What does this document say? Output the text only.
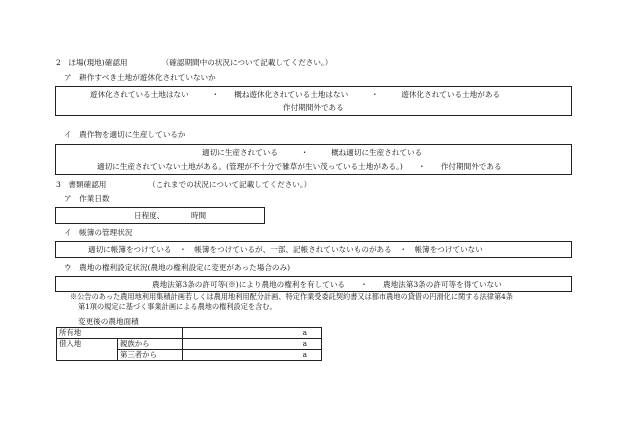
2　ほ場(現地)確認用　　　　　（確認期間中の状況について記載してください。）
ア　耕作すべき土地が遊休化されていないか
遊休化されている土地はない　　　・　　概ね遊休化されている土地はない　　　・　　　遊休化されている土地がある
作付期間外である
イ　農作物を適切に生産しているか
適切に生産されている　　　・　　　概ね適切に生産されている
適切に生産されていない土地がある。(管理が不十分で雑草が生い茂っている土地がある。)　　・　　作付期間外である
3　書類確認用　　　　　　（これまでの状況について記載してください。）
ア　作業日数
日程度、　　　　時間
イ　帳簿の管理状況
適切に帳簿をつけている　・　帳簿をつけているが、一部、記帳されていないものがある　・　帳簿をつけていない
ウ　農地の権利設定状況(農地の権利設定に変更があった場合のみ)
農地法第3条の許可等(※)により農地の権利を有している　　・　　農地法第3条の許可等を得ていない
※公告のあった農用地利用集積計画若しくは農用地利用配分計画、特定作業受委託契約書又は都市農地の貸借の円滑化に関する法律第4条
第1項の規定に基づく事業計画による農地の権利設定を含む。
変更後の農地面積
所有地		a
借入地	親族から	a
	第三者から	a
